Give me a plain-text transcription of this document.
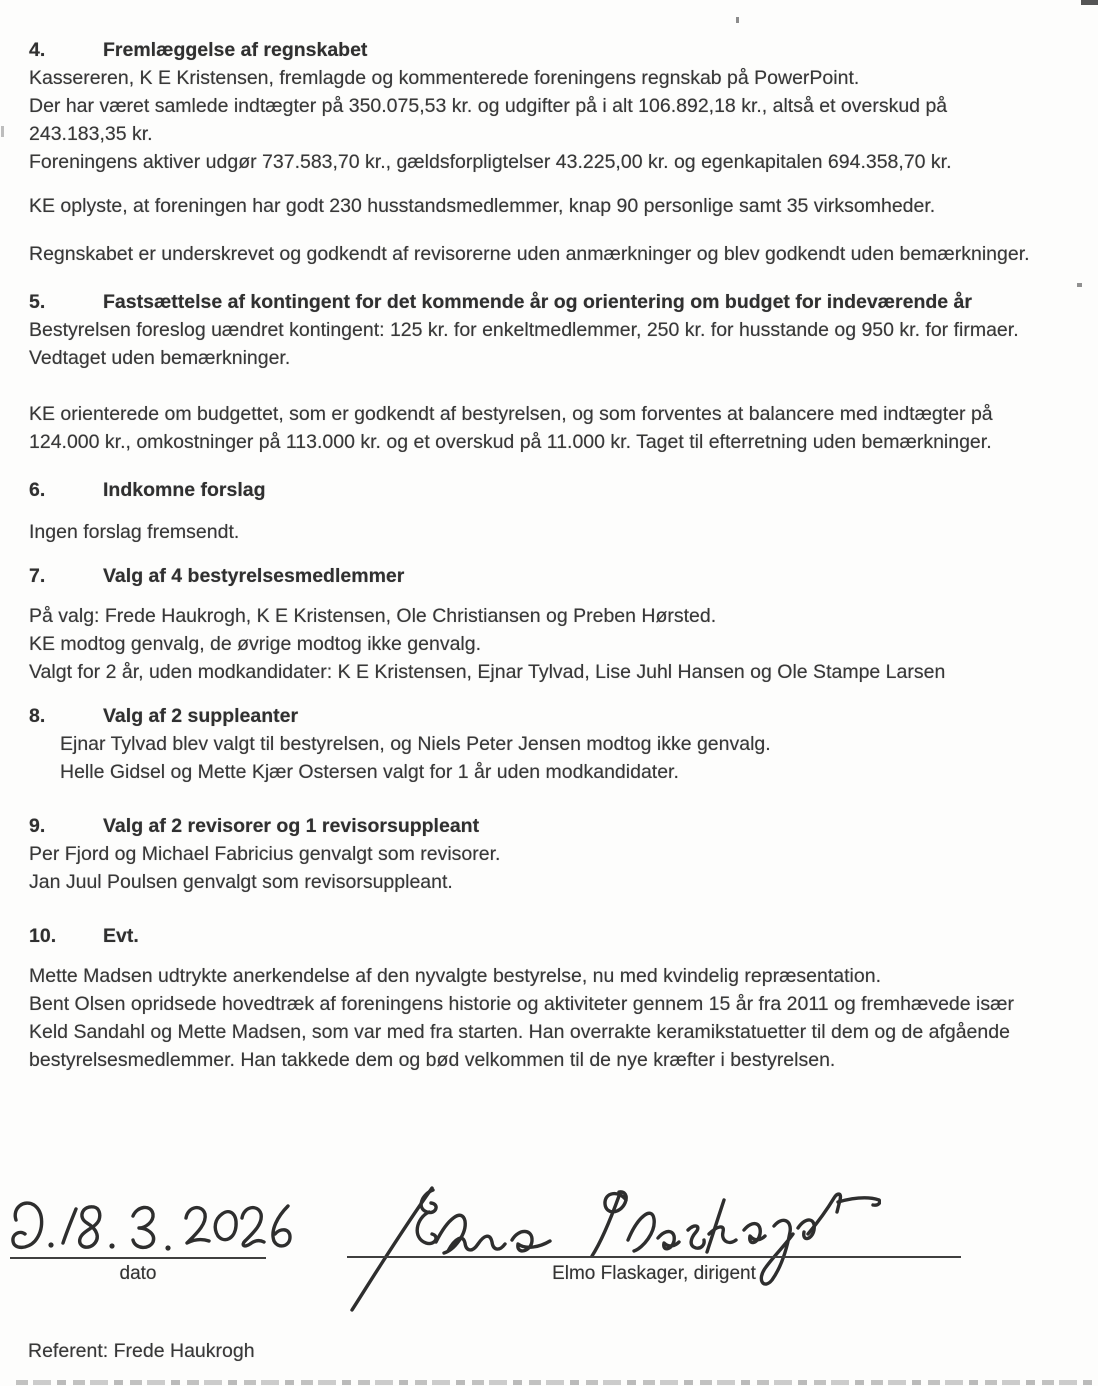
4.	Fremlæggelse af regnskabet
Kassereren, K E Kristensen, fremlagde og kommenterede foreningens regnskab på PowerPoint.
Der har været samlede indtægter på 350.075,53 kr. og udgifter på i alt 106.892,18 kr., altså et overskud på
243.183,35 kr.
Foreningens aktiver udgør 737.583,70 kr., gældsforpligtelser 43.225,00 kr. og egenkapitalen 694.358,70 kr.
KE oplyste, at foreningen har godt 230 husstandsmedlemmer, knap 90 personlige samt 35 virksomheder.
Regnskabet er underskrevet og godkendt af revisorerne uden anmærkninger og blev godkendt uden bemærkninger.
5.	Fastsættelse af kontingent for det kommende år og orientering om budget for indeværende år
Bestyrelsen foreslog uændret kontingent: 125 kr. for enkeltmedlemmer, 250 kr. for husstande og 950 kr. for firmaer.
Vedtaget uden bemærkninger.
KE orienterede om budgettet, som er godkendt af bestyrelsen, og som forventes at balancere med indtægter på
124.000 kr., omkostninger på 113.000 kr. og et overskud på 11.000 kr. Taget til efterretning uden bemærkninger.
6.	Indkomne forslag
Ingen forslag fremsendt.
7.	Valg af 4 bestyrelsesmedlemmer
På valg: Frede Haukrogh, K E Kristensen, Ole Christiansen og Preben Hørsted.
KE modtog genvalg, de øvrige modtog ikke genvalg.
Valgt for 2 år, uden modkandidater: K E Kristensen, Ejnar Tylvad, Lise Juhl Hansen og Ole Stampe Larsen
8.	Valg af 2 suppleanter
Ejnar Tylvad blev valgt til bestyrelsen, og Niels Peter Jensen modtog ikke genvalg.
Helle Gidsel og Mette Kjær Ostersen valgt for 1 år uden modkandidater.
9.	Valg af 2 revisorer og 1 revisorsuppleant
Per Fjord og Michael Fabricius genvalgt som revisorer.
Jan Juul Poulsen genvalgt som revisorsuppleant.
10. Evt.
Mette Madsen udtrykte anerkendelse af den nyvalgte bestyrelse, nu med kvindelig repræsentation.
Bent Olsen opridsede hovedtræk af foreningens historie og aktiviteter gennem 15 år fra 2011 og fremhævede især
Keld Sandahl og Mette Madsen, som var med fra starten. Han overrakte keramikstatuetter til dem og de afgående
bestyrelsesmedlemmer. Han takkede dem og bød velkommen til de nye kræfter i bestyrelsen.
dato	Elmo Flaskager, dirigent
Referent: Frede Haukrogh
